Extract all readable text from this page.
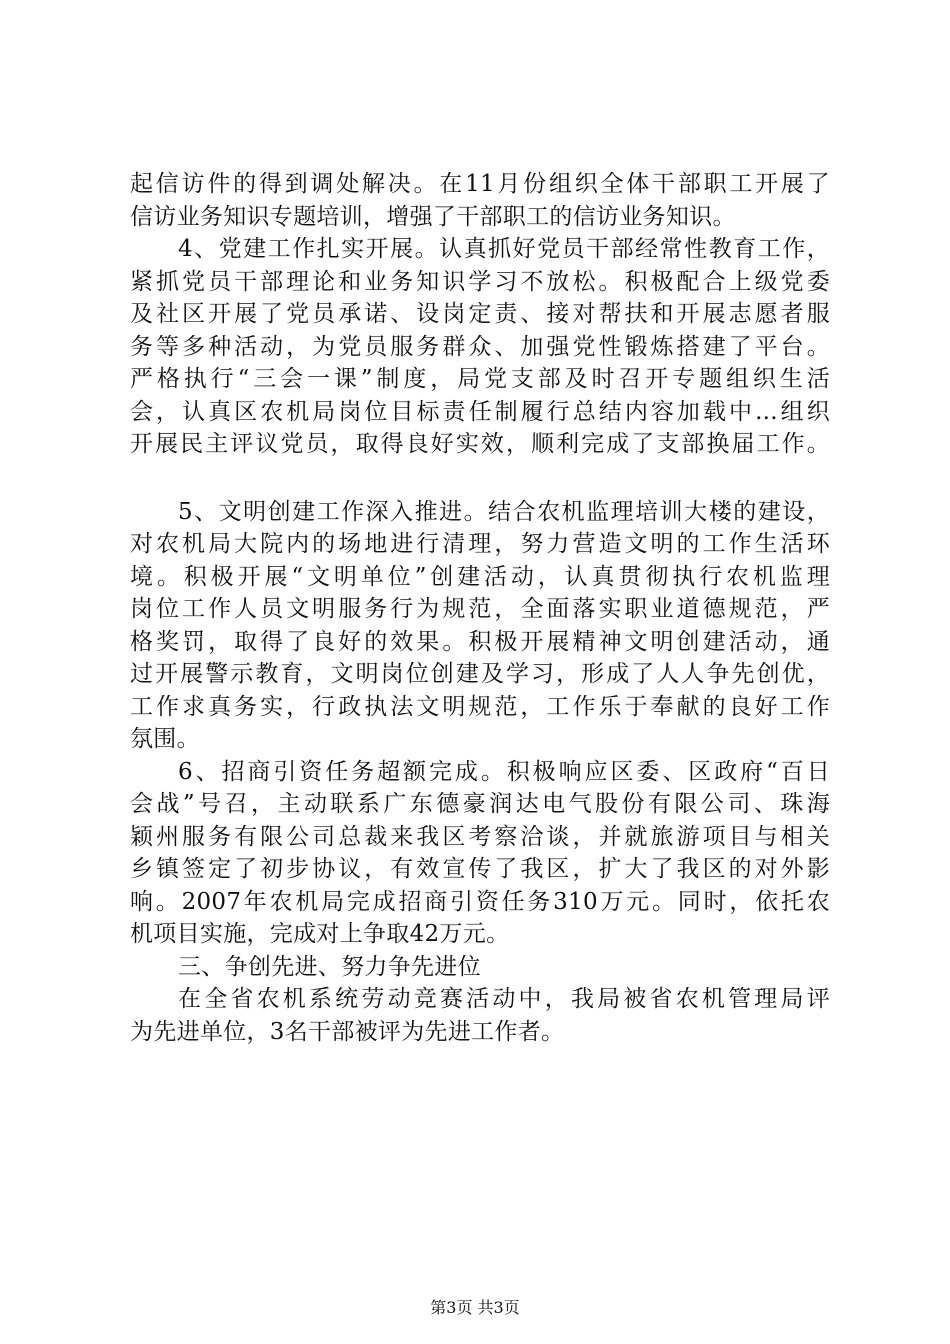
起信访件的得到调处解决。在11月份组织全体干部职工开展了
信访业务知识专题培训，增强了干部职工的信访业务知识。
4、党建工作扎实开展。认真抓好党员干部经常性教育工作，
紧抓党员干部理论和业务知识学习不放松。积极配合上级党委
及社区开展了党员承诺、设岗定责、接对帮扶和开展志愿者服
务等多种活动，为党员服务群众、加强党性锻炼搭建了平台。
严格执行“三会一课”制度，局党支部及时召开专题组织生活
会，认真区农机局岗位目标责任制履行总结内容加载中...组织
开展民主评议党员，取得良好实效，顺利完成了支部换届工作。
5、文明创建工作深入推进。结合农机监理培训大楼的建设，
对农机局大院内的场地进行清理，努力营造文明的工作生活环
境。积极开展“文明单位”创建活动，认真贯彻执行农机监理
岗位工作人员文明服务行为规范，全面落实职业道德规范，严
格奖罚，取得了良好的效果。积极开展精神文明创建活动，通
过开展警示教育，文明岗位创建及学习，形成了人人争先创优，
工作求真务实，行政执法文明规范，工作乐于奉献的良好工作
氛围。
6、招商引资任务超额完成。积极响应区委、区政府“百日
会战”号召，主动联系广东德豪润达电气股份有限公司、珠海
颖州服务有限公司总裁来我区考察洽谈，并就旅游项目与相关
乡镇签定了初步协议，有效宣传了我区，扩大了我区的对外影
响。2007年农机局完成招商引资任务310万元。同时，依托农
机项目实施，完成对上争取42万元。
三、争创先进、努力争先进位
在全省农机系统劳动竞赛活动中，我局被省农机管理局评
为先进单位，3名干部被评为先进工作者。
第3页 共3页
